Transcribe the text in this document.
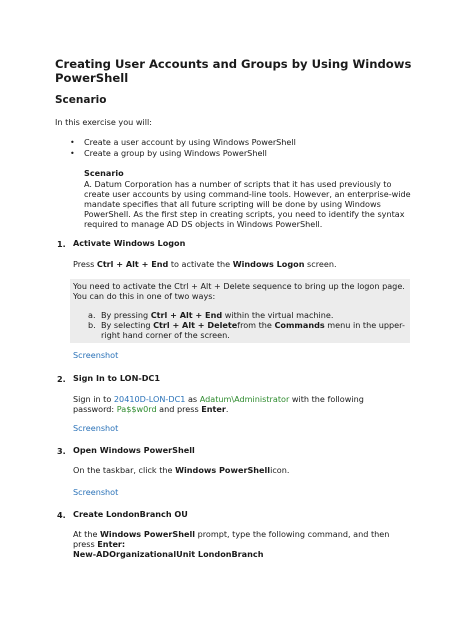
Creating User Accounts and Groups by Using Windows
PowerShell
Scenario
In this exercise you will:
• Create a user account by using Windows PowerShell
• Create a group by using Windows PowerShell
Scenario
A. Datum Corporation has a number of scripts that it has used previously to
create user accounts by using command-line tools. However, an enterprise-wide
mandate specifies that all future scripting will be done by using Windows
PowerShell. As the first step in creating scripts, you need to identify the syntax
required to manage AD DS objects in Windows PowerShell.
1. Activate Windows Logon
Press Ctrl + Alt + End to activate the Windows Logon screen.
You need to activate the Ctrl + Alt + Delete sequence to bring up the logon page.
You can do this in one of two ways:
a. By pressing Ctrl + Alt + End within the virtual machine.
b. By selecting Ctrl + Alt + Deletefrom the Commands menu in the upper-
right hand corner of the screen.
Screenshot
2. Sign In to LON-DC1
Sign in to 20410D-LON-DC1 as Adatum\Administrator with the following
password: Pa$$w0rd and press Enter.
Screenshot
3. Open Windows PowerShell
On the taskbar, click the Windows PowerShellicon.
Screenshot
4. Create LondonBranch OU
At the Windows PowerShell prompt, type the following command, and then
press Enter:
New-ADOrganizationalUnit LondonBranch
